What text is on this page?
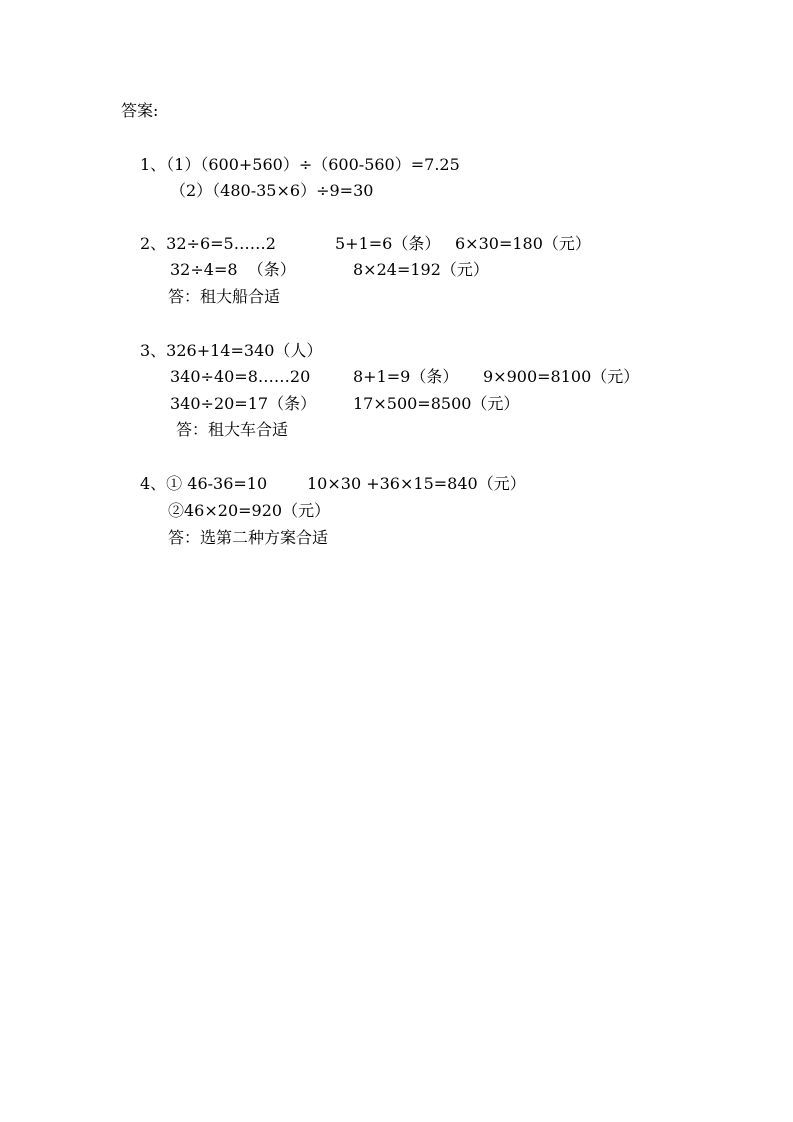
答案:
1、（1）（600+560）÷（600-560）=7.25
（2）（480-35×6）÷9=30

2、32÷6=5……2

	5+1=6（条）

6×30=180（元）

32÷4=8  （条）

	8×24=192（元）

答：租大船合适
3、326+14=340（人）

340÷40=8……20

	8+1=9（条）

9×900=8100（元）

340÷20=17（条）

17×500=8500（元）

答：租大车合适

4、① 46-36=10

10×30 +36×15=840（元）

②46×20=920（元）
答：选第二种方案合适
